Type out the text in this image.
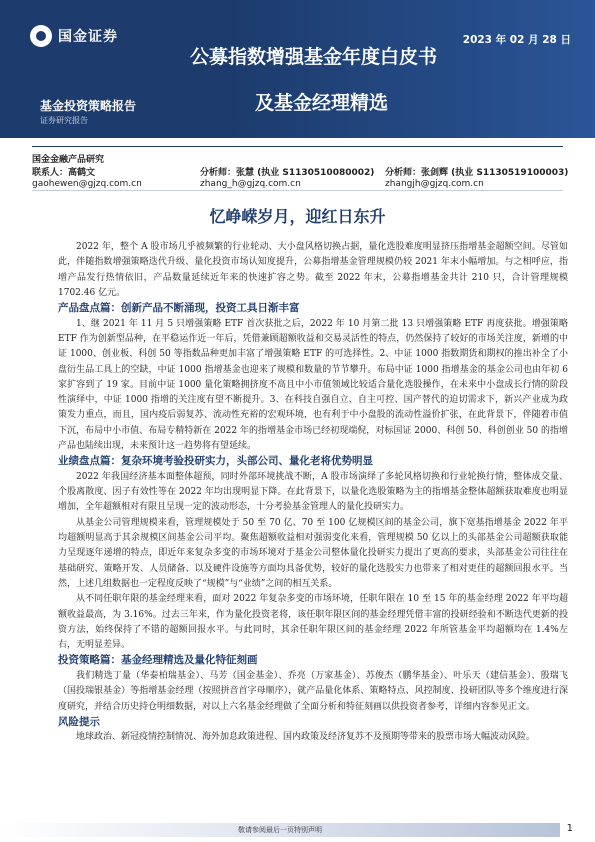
国金证券	2023 年 02 月 28 日
公募指数增强基金年度白皮书
及基金经理精选
基金投资策略报告
证券研究报告
国金金融产品研究
联系人：高鹤文
gaohewen@gjzq.com.cn
分析师：张慧 (执业 S1130510080002)
zhang_h@gjzq.com.cn
分析师：张剑辉 (执业 S1130519100003)
zhangjh@gjzq.com.cn
忆峥嵘岁月，迎红日东升

2022 年，整个 A 股市场几乎被频繁的行业轮动、大小盘风格切换占据，量化选股难度明显挤压指增基金超额空间。尽管如此，伴随指数增强策略迭代升级、量化投资市场认知度提升，公募指增基金管理规模仍较 2021 年末小幅增加。与之相呼应，指增产品发行热情依旧，产品数量延续近年来的快速扩容之势。截至 2022 年末，公募指增基金共计 210 只，合计管理规模 1702.46 亿元。

产品盘点篇：创新产品不断涌现，投资工具日渐丰富

1、继 2021 年 11 月 5 只增强策略 ETF 首次获批之后，2022 年 10 月第二批 13 只增强策略 ETF 再度获批。增强策略 ETF 作为创新型品种，在平稳运作近一年后，凭借兼顾超额收益和交易灵活性的特点，仍然保持了较好的市场关注度，新增的中证 1000、创业板、科创 50 等指数品种更加丰富了增强策略 ETF 的可选择性。2、中证 1000 指数期货和期权的推出补全了小盘衍生品工具上的空缺，中证 1000 指增基金也迎来了规模和数量的节节攀升。布局中证 1000 指增基金的基金公司也由年初 6 家扩容到了 19 家。目前中证 1000 量化策略拥挤度不高且中小市值领域比较适合量化选股操作，在未来中小盘成长行情的阶段性演绎中，中证 1000 指增的关注度有望不断提升。3、在科技自强自立、自主可控、国产替代的迫切需求下，新兴产业成为政策发力重点，而且，国内疫后弱复苏、流动性充裕的宏观环境，也有利于中小盘股的流动性溢价扩张，在此背景下，伴随着市值下沉，布局中小市值、布局专精特新在 2022 年的指增基金市场已经初现端倪，对标国证 2000、科创 50、科创创业 50 的指增产品也陆续出现，未来预计这一趋势将有望延续。

业绩盘点篇：复杂环境考验投研实力，头部公司、量化老将优势明显

2022 年我国经济基本面整体超预，同时外部环境挑战不断，A 股市场演绎了多轮风格切换和行业轮换行情，整体成交量、个股离散度、因子有效性等在 2022 年均出现明显下降。在此背景下，以量化选股策略为主的指增基金整体超额获取难度也明显增加，全年超额相对有限且呈现一定的波动形态，十分考验基金管理人的量化投研实力。

从基金公司管理规模来看，管理规模处于 50 至 70 亿、70 至 100 亿规模区间的基金公司，旗下宽基指增基金 2022 年平均超额明显高于其余规模区间基金公司平均。聚焦超额收益相对强弱变化来看，管理规模 50 亿以上的头部基金公司超额获取能力呈现逐年递增的特点，即近年来复杂多变的市场环境对于基金公司整体量化投研实力提出了更高的要求，头部基金公司往往在基础研究、策略开发、人员储备、以及硬件设施等方面均具备优势，较好的量化选股实力也带来了相对更佳的超额回报水平。当然，上述几组数据也一定程度反映了“规模”与“业绩”之间的相互关系。

从不同任职年限的基金经理来看，面对 2022 年复杂多变的市场环境，任职年限在 10 至 15 年的基金经理 2022 年平均超额收益最高，为 3.16%。过去三年来，作为量化投资老将，该任职年限区间的基金经理凭借丰富的投研经验和不断迭代更新的投资方法，始终保持了不错的超额回报水平。与此同时，其余任职年限区间的基金经理 2022 年所管基金平均超额均在 1.4%左右，无明显差异。

投资策略篇：基金经理精选及量化特征刻画

我们精选丁量（华泰柏瑞基金）、马芳（国金基金）、乔亮（万家基金）、苏俊杰（鹏华基金）、叶乐天（建信基金）、殷瑞飞（国投瑞银基金）等指增基金经理（按照拼音首字母顺序），就产品量化体系、策略特点、风控制度、投研团队等多个维度进行深度研究，并结合历史持仓明细数据，对以上六名基金经理做了全面分析和特征刻画以供投资者参考，详细内容参见正文。

风险提示

地球政治、新冠疫情控制情况、海外加息政策进程、国内政策及经济复苏不及预期等带来的股票市场大幅波动风险。

敬请参阅最后一页特别声明	1
